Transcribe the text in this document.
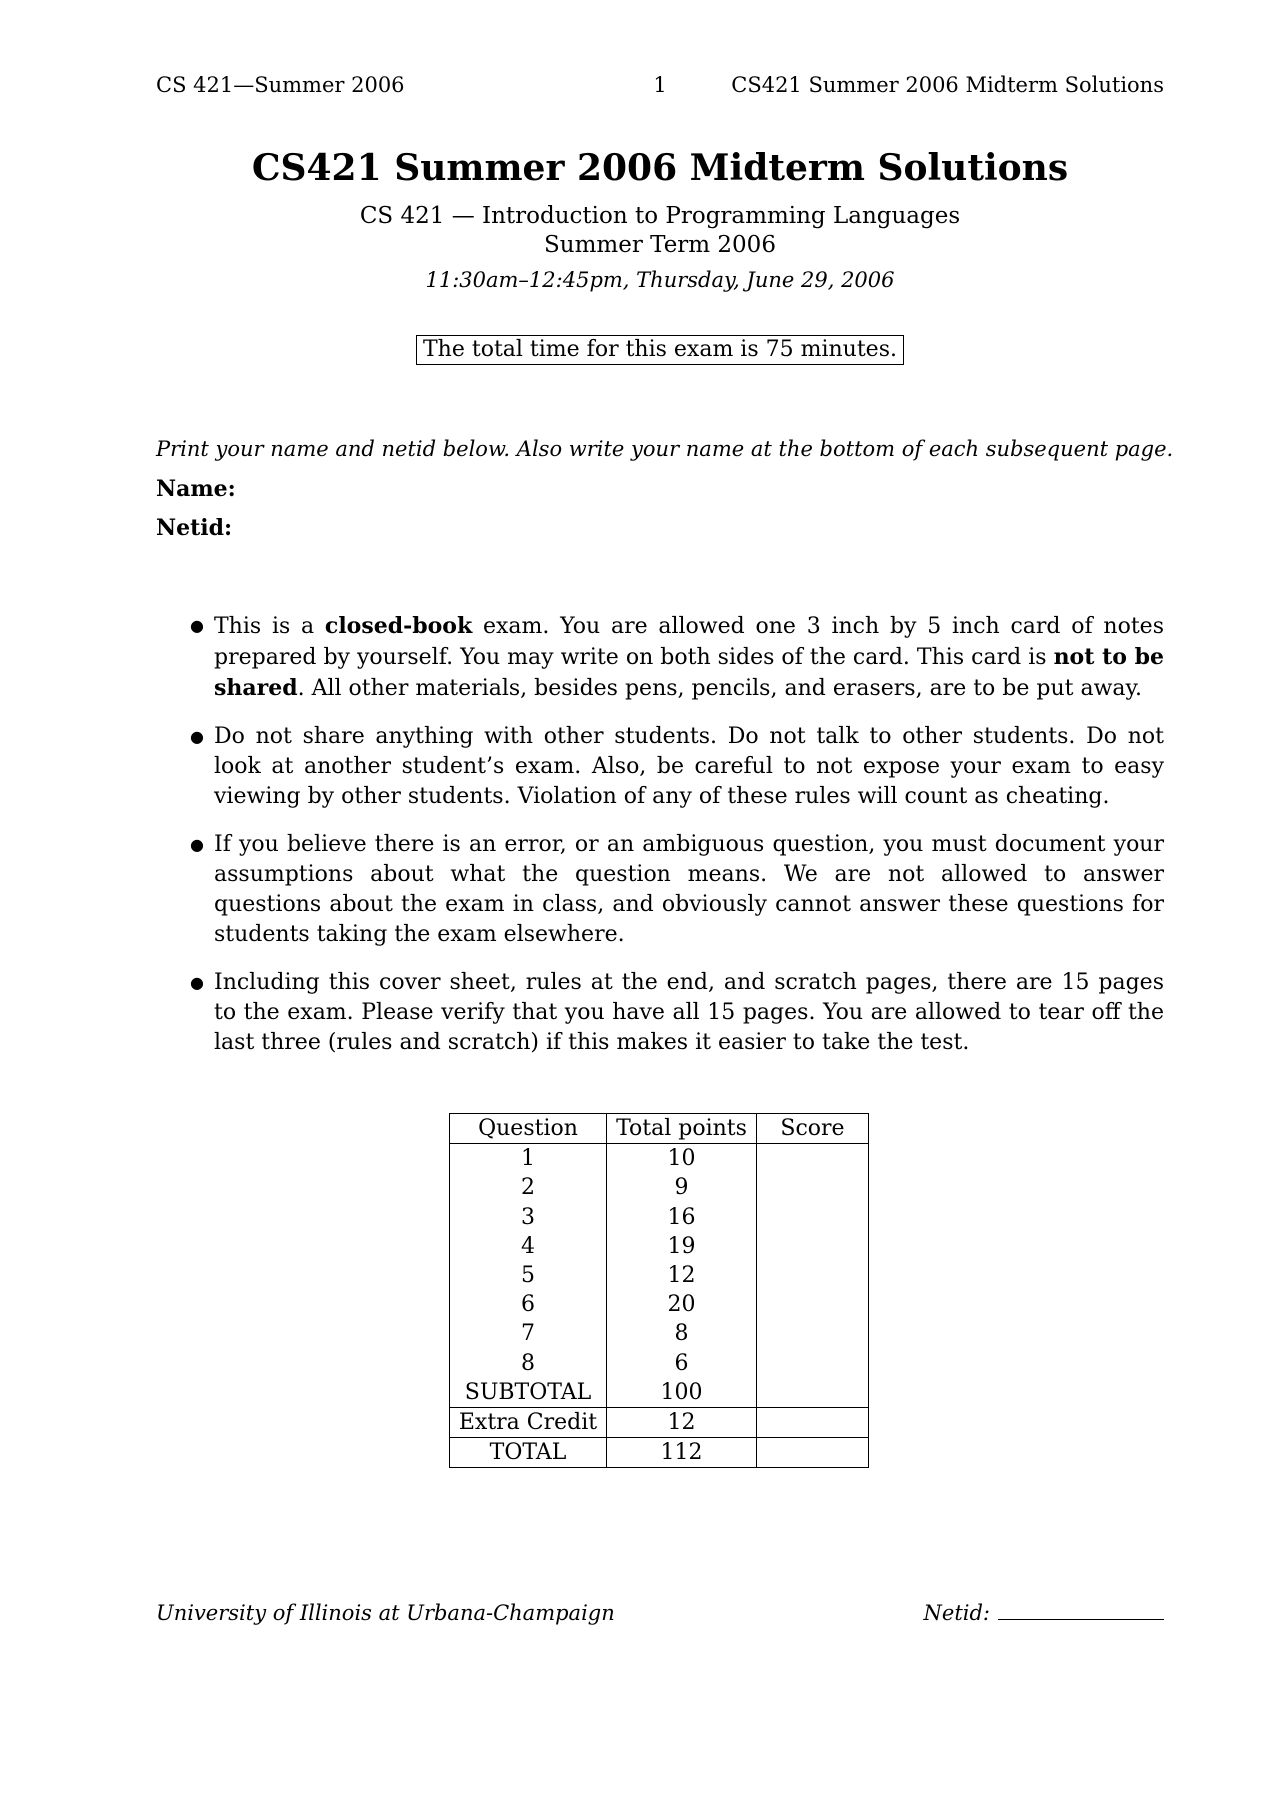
CS 421—Summer 2006	1	CS421 Summer 2006 Midterm Solutions
CS421 Summer 2006 Midterm Solutions
CS 421 — Introduction to Programming Languages
Summer Term 2006
11:30am–12:45pm, Thursday, June 29, 2006
The total time for this exam is 75 minutes.
Print your name and netid below. Also write your name at the bottom of each subsequent page.
Name:
Netid:
● This is a closed-book exam. You are allowed one 3 inch by 5 inch card of notes prepared by yourself. You may write on both sides of the card. This card is not to be shared. All other materials, besides pens, pencils, and erasers, are to be put away.
● Do not share anything with other students. Do not talk to other students. Do not look at another student’s exam. Also, be careful to not expose your exam to easy viewing by other students. Violation of any of these rules will count as cheating.
● If you believe there is an error, or an ambiguous question, you must document your assumptions about what the question means. We are not allowed to answer questions about the exam in class, and obviously cannot answer these questions for students taking the exam elsewhere.
● Including this cover sheet, rules at the end, and scratch pages, there are 15 pages to the exam. Please verify that you have all 15 pages. You are allowed to tear off the last three (rules and scratch) if this makes it easier to take the test.
Question	Total points	Score
1	10	
2	9	
3	16	
4	19	
5	12	
6	20	
7	8	
8	6	
SUBTOTAL	100	
Extra Credit	12	
TOTAL	112	
University of Illinois at Urbana-Champaign	Netid:
